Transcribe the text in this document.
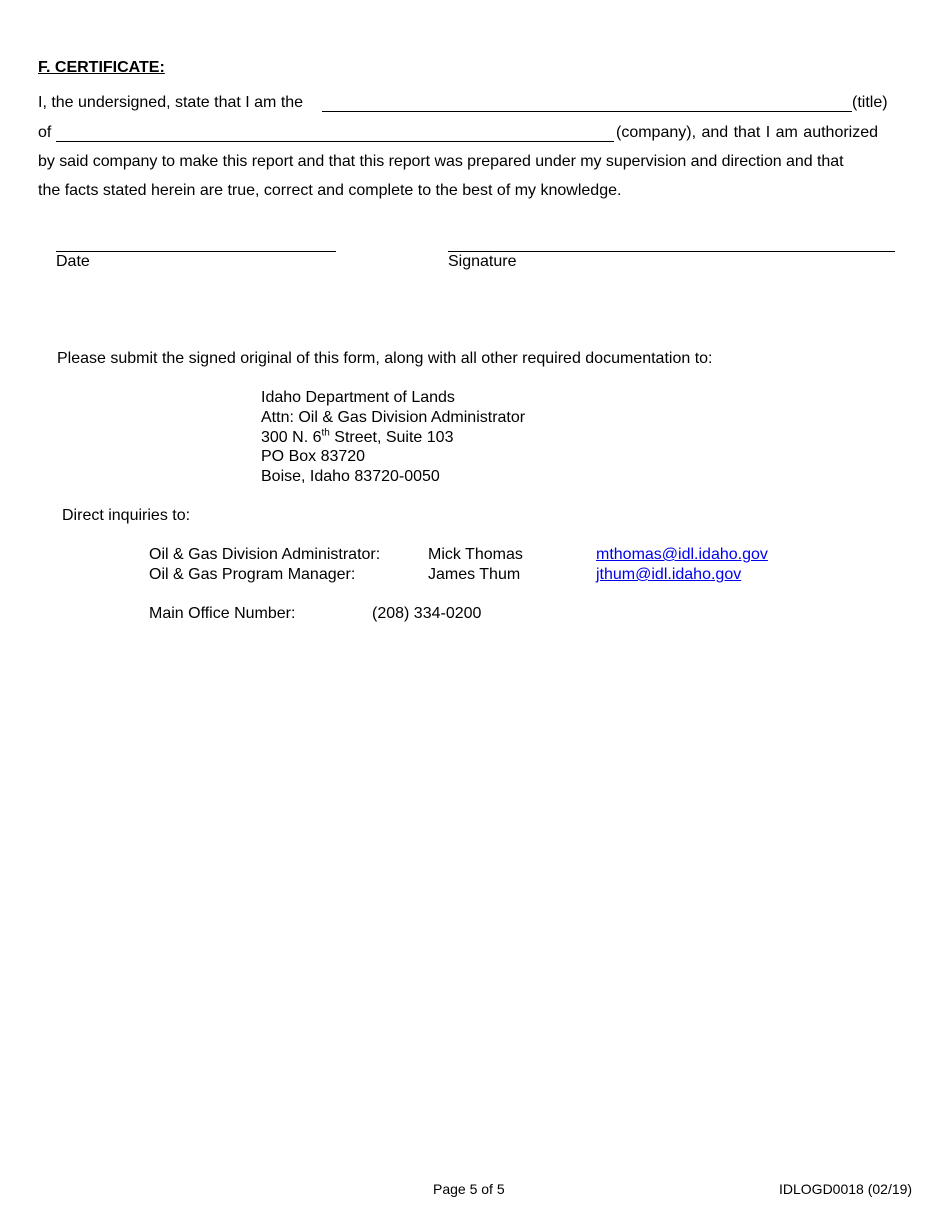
F. CERTIFICATE:
I, the undersigned, state that I am the	(title)
of	(company), and that I am authorized
by said company to make this report and that this report was prepared under my supervision and direction and that
the facts stated herein are true, correct and complete to the best of my knowledge.
Date	Signature
Please submit the signed original of this form, along with all other required documentation to:
Idaho Department of Lands
Attn: Oil & Gas Division Administrator
300 N. 6th Street, Suite 103
PO Box 83720
Boise, Idaho 83720-0050
Direct inquiries to:
Oil & Gas Division Administrator:	Mick Thomas	mthomas@idl.idaho.gov
Oil & Gas Program Manager:	James Thum	jthum@idl.idaho.gov
Main Office Number:	(208) 334-0200
Page 5 of 5	IDLOGD0018 (02/19)
